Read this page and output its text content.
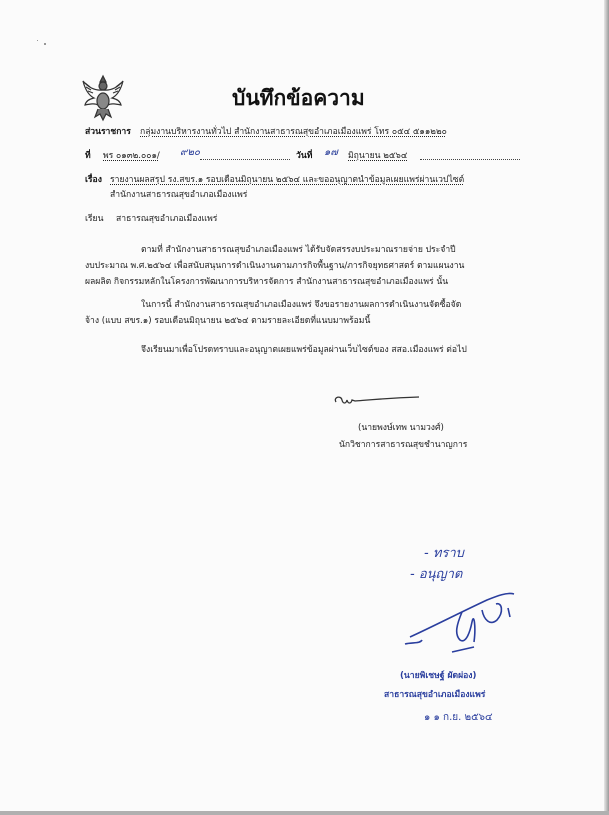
บันทึกข้อความ
ส่วนราชการ กลุ่มงานบริหารงานทั่วไป สำนักงานสาธารณสุขอำเภอเมืองแพร่ โทร ๐๕๔ ๕๑๑๒๒๐
ที่ พร ๐๑๓๒.๐๐๑/ ๙๒๐	วันที่ ๑๗ มิถุนายน ๒๕๖๔
เรื่อง รายงานผลสรุป รง.สขร.๑ รอบเดือนมิถุนายน ๒๕๖๔ และขออนุญาตนำข้อมูลเผยแพร่ผ่านเวปไซต์
สำนักงานสาธารณสุขอำเภอเมืองแพร่
เรียน สาธารณสุขอำเภอเมืองแพร่
ตามที่ สำนักงานสาธารณสุขอำเภอเมืองแพร่ ได้รับจัดสรรงบประมาณรายจ่าย ประจำปี
งบประมาณ พ.ศ.๒๕๖๔ เพื่อสนับสนุนการดำเนินงานตามภารกิจพื้นฐาน/ภารกิจยุทธศาสตร์ ตามแผนงาน
ผลผลิต กิจกรรมหลักในโครงการพัฒนาการบริหารจัดการ สำนักงานสาธารณสุขอำเภอเมืองแพร่ นั้น
ในการนี้ สำนักงานสาธารณสุขอำเภอเมืองแพร่ จึงขอรายงานผลการดำเนินงานจัดซื้อจัด
จ้าง (แบบ สขร.๑) รอบเดือนมิถุนายน ๒๕๖๔ ตามรายละเอียดที่แนบมาพร้อมนี้
จึงเรียนมาเพื่อโปรดทราบและอนุญาตเผยแพร่ข้อมูลผ่านเว็บไซต์ของ สสอ.เมืองแพร่ ต่อไป
(นายพงษ์เทพ นามวงศ์)
นักวิชาการสาธารณสุขชำนาญการ
- ทราบ
- อนุญาต
(นายพิเชษฐ์ ผัดผ่อง)
สาธารณสุขอำเภอเมืองแพร่
๑ ๑ ก.ย. ๒๕๖๔
